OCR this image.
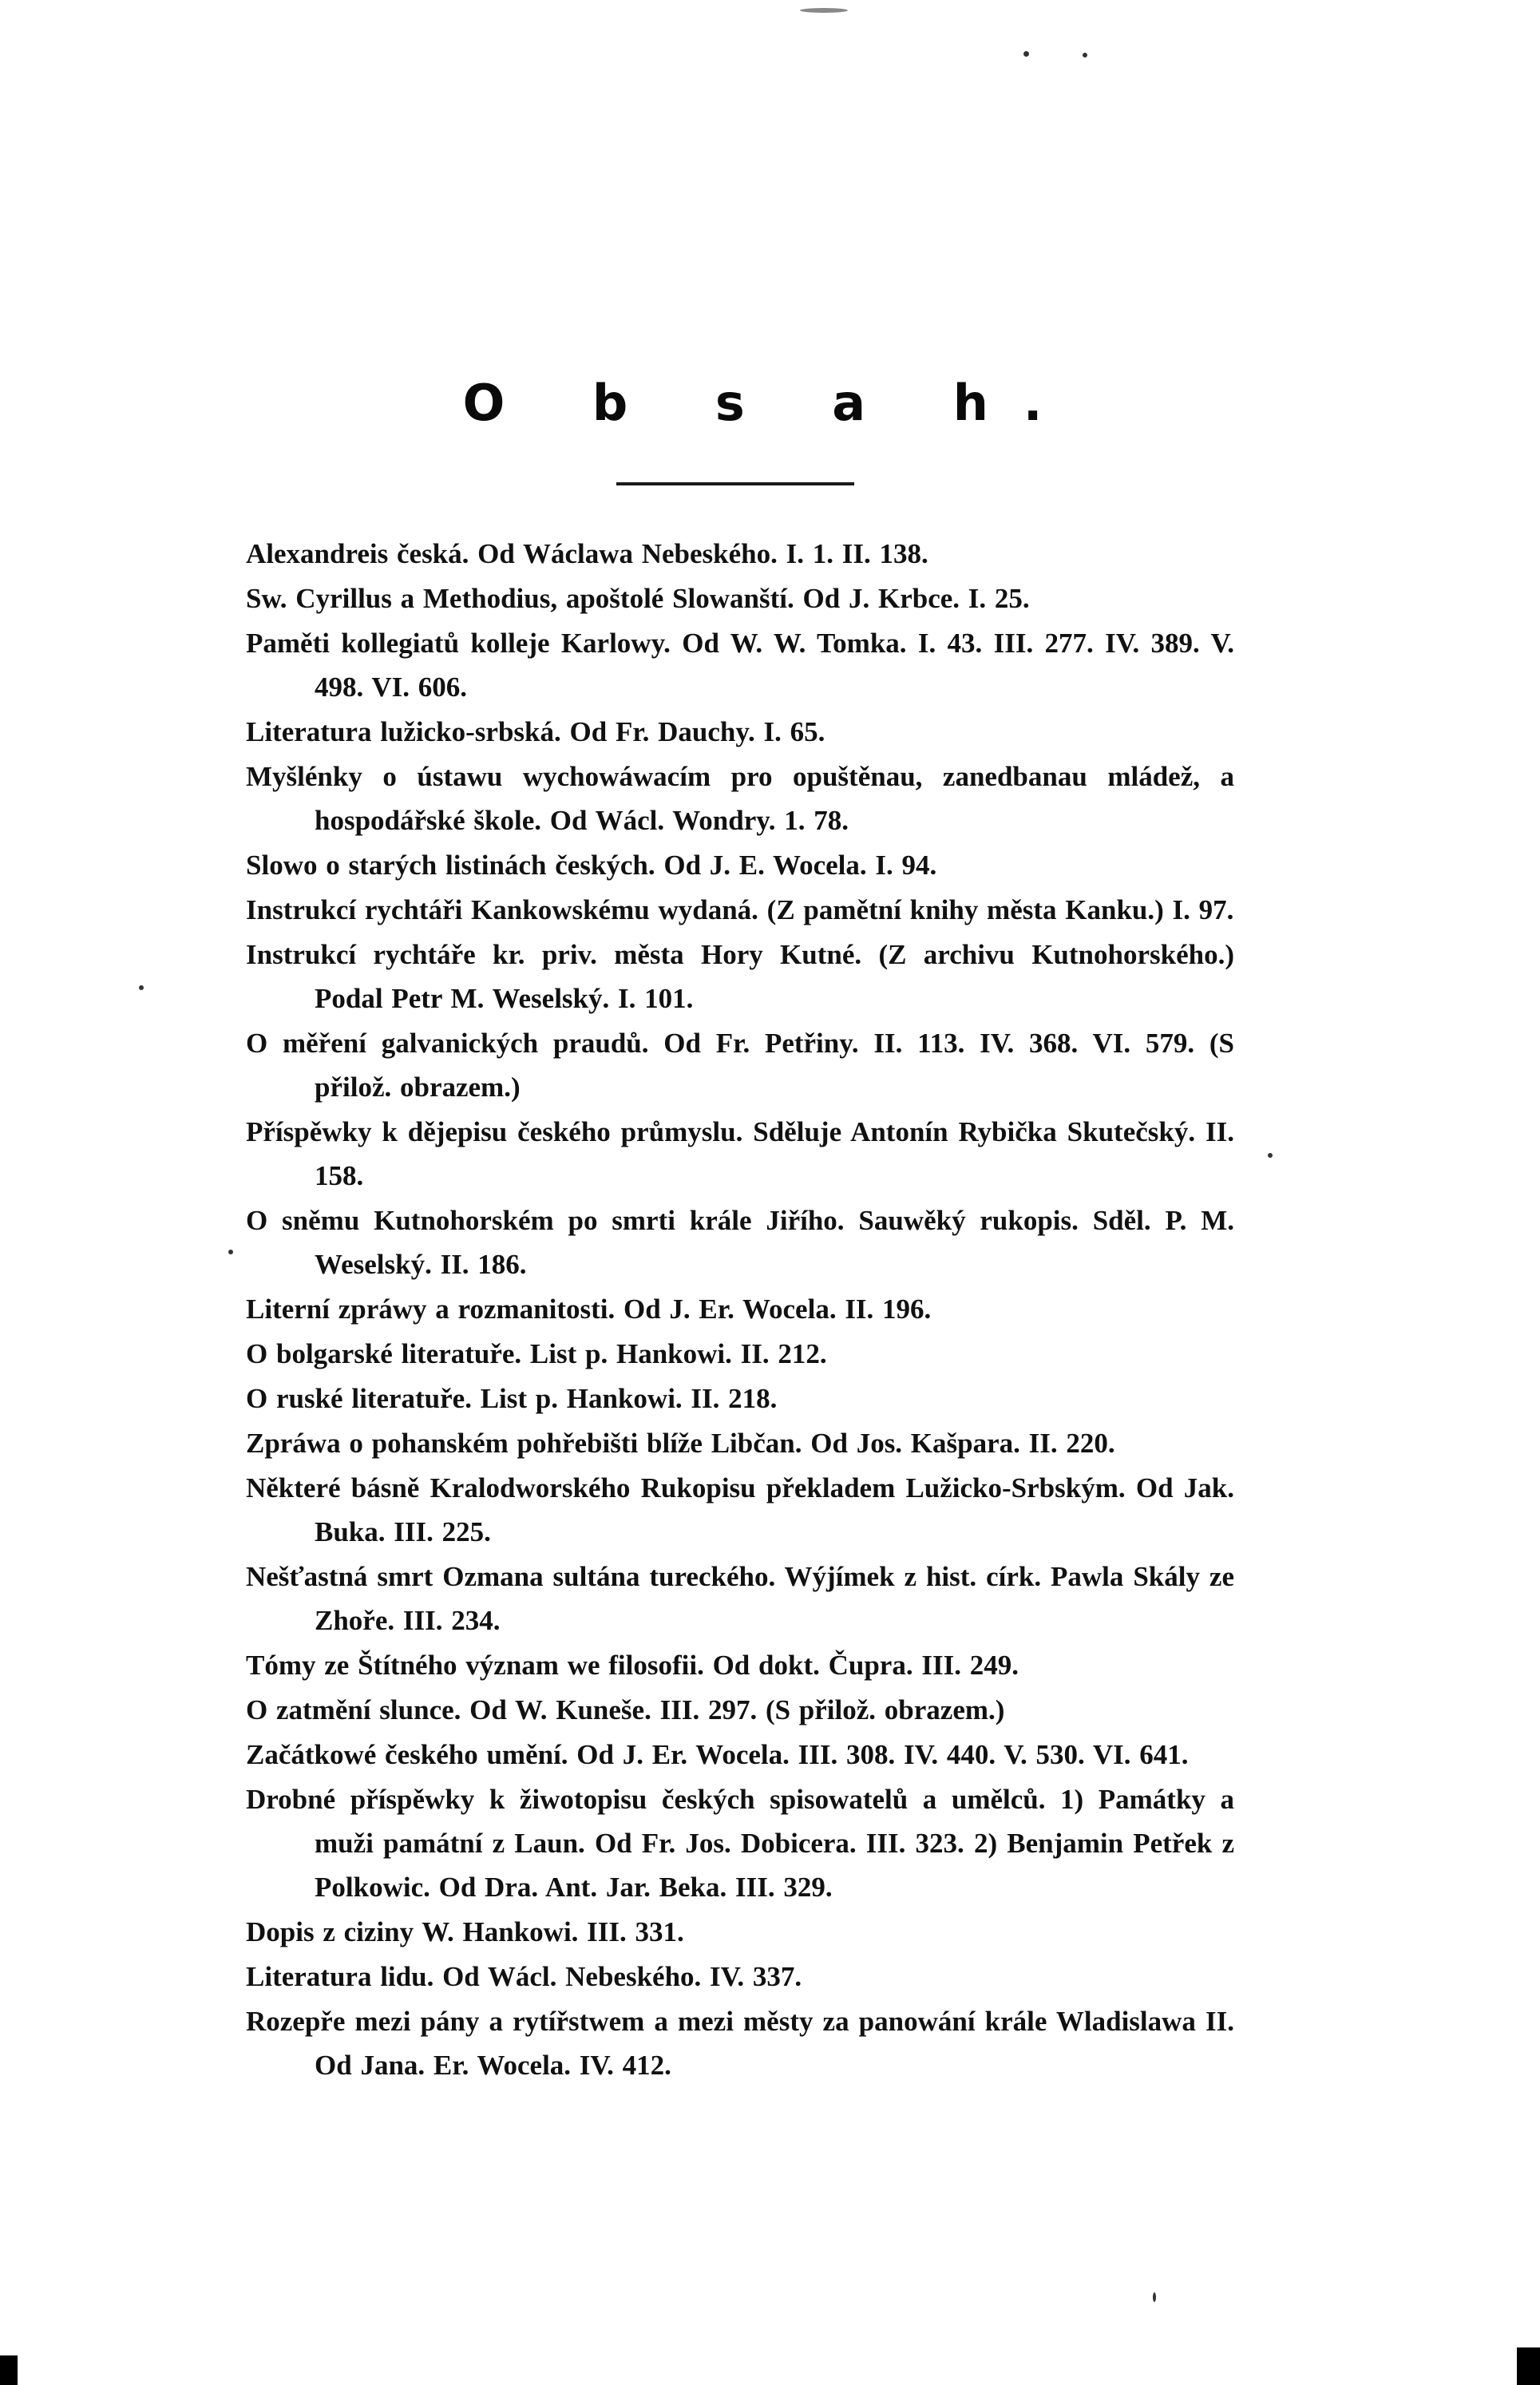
O b s a h.
Alexandreis česká. Od Wáclawa Nebeského. I. 1. II. 138.
Sw. Cyrillus a Methodius, apoštolé Slowanští. Od J. Krbce. I. 25.
Paměti kollegiatů kolleje Karlowy. Od W. W. Tomka. I. 43. III. 277. IV. 389. V. 498. VI. 606.
Literatura lužicko-srbská. Od Fr. Dauchy. I. 65.
Myšlénky o ústawu wychowáwacím pro opuštěnau, zanedbanau mládež, a hospodářské škole. Od Wácl. Wondry. 1. 78.
Slowo o starých listinách českých. Od J. E. Wocela. I. 94.
Instrukcí rychtáři Kankowskému wydaná. (Z pamětní knihy města Kanku.) I. 97.
Instrukcí rychtáře kr. priv. města Hory Kutné. (Z archivu Kutnohorského.) Podal Petr M. Weselský. I. 101.
O měření galvanických praudů. Od Fr. Petřiny. II. 113. IV. 368. VI. 579. (S přilož. obrazem.)
Příspěwky k dějepisu českého průmyslu. Sděluje Antonín Rybička Skutečský. II. 158.
O sněmu Kutnohorském po smrti krále Jiřího. Sauwěký rukopis. Sděl. P. M. Weselský. II. 186.
Literní zpráwy a rozmanitosti. Od J. Er. Wocela. II. 196.
O bolgarské literatuře. List p. Hankowi. II. 212.
O ruské literatuře. List p. Hankowi. II. 218.
Zpráwa o pohanském pohřebišti blíže Libčan. Od Jos. Kašpara. II. 220.
Některé básně Kralodworského Rukopisu překladem Lužicko-Srbským. Od Jak. Buka. III. 225.
Nešťastná smrt Ozmana sultána tureckého. Wýjímek z hist. círk. Pawla Skály ze Zhoře. III. 234.
Tómy ze Štítného význam we filosofii. Od dokt. Čupra. III. 249.
O zatmění slunce. Od W. Kuneše. III. 297. (S přilož. obrazem.)
Začátkowé českého umění. Od J. Er. Wocela. III. 308. IV. 440. V. 530. VI. 641.
Drobné příspěwky k žiwotopisu českých spisowatelů a umělců. 1) Památky a muži památní z Laun. Od Fr. Jos. Dobicera. III. 323. 2) Benjamin Petřek z Polkowic. Od Dra. Ant. Jar. Beka. III. 329.
Dopis z ciziny W. Hankowi. III. 331.
Literatura lidu. Od Wácl. Nebeského. IV. 337.
Rozepře mezi pány a rytířstwem a mezi městy za panowání krále Wladislawa II. Od Jana. Er. Wocela. IV. 412.
